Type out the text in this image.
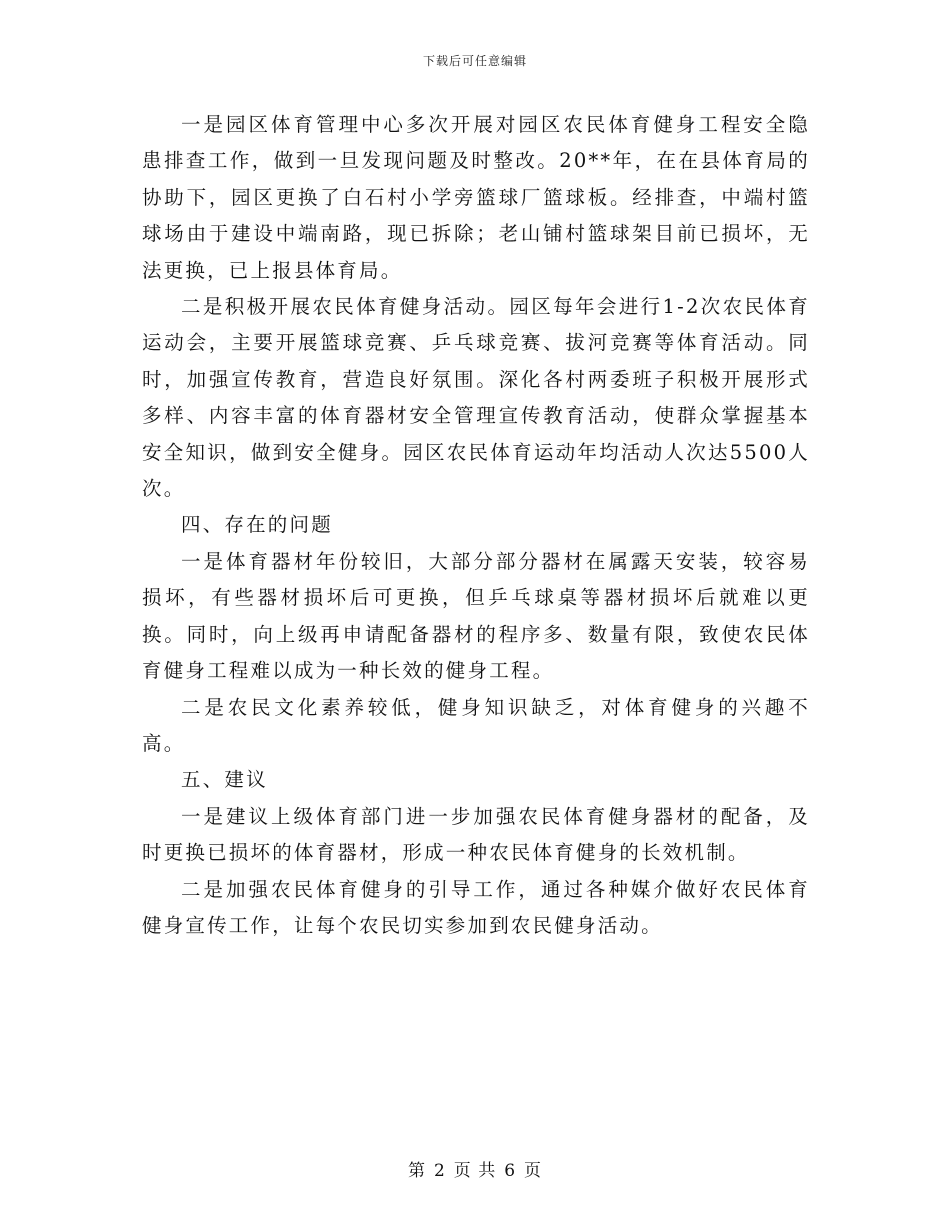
下载后可任意编辑

一是园区体育管理中心多次开展对园区农民体育健身工程安全隐患排查工作，做到一旦发现问题及时整改。20**年，在在县体育局的协助下，园区更换了白石村小学旁篮球厂篮球板。经排查，中端村篮球场由于建设中端南路，现已拆除；老山铺村篮球架目前已损坏，无法更换，已上报县体育局。

二是积极开展农民体育健身活动。园区每年会进行1-2次农民体育运动会，主要开展篮球竞赛、乒乓球竞赛、拔河竞赛等体育活动。同时，加强宣传教育，营造良好氛围。深化各村两委班子积极开展形式多样、内容丰富的体育器材安全管理宣传教育活动，使群众掌握基本安全知识，做到安全健身。园区农民体育运动年均活动人次达5500人次。

四、存在的问题

一是体育器材年份较旧，大部分部分器材在属露天安装，较容易损坏，有些器材损坏后可更换，但乒乓球桌等器材损坏后就难以更换。同时，向上级再申请配备器材的程序多、数量有限，致使农民体育健身工程难以成为一种长效的健身工程。

二是农民文化素养较低，健身知识缺乏，对体育健身的兴趣不高。

五、建议

一是建议上级体育部门进一步加强农民体育健身器材的配备，及时更换已损坏的体育器材，形成一种农民体育健身的长效机制。

二是加强农民体育健身的引导工作，通过各种媒介做好农民体育健身宣传工作，让每个农民切实参加到农民健身活动。

第 2 页 共 6 页
